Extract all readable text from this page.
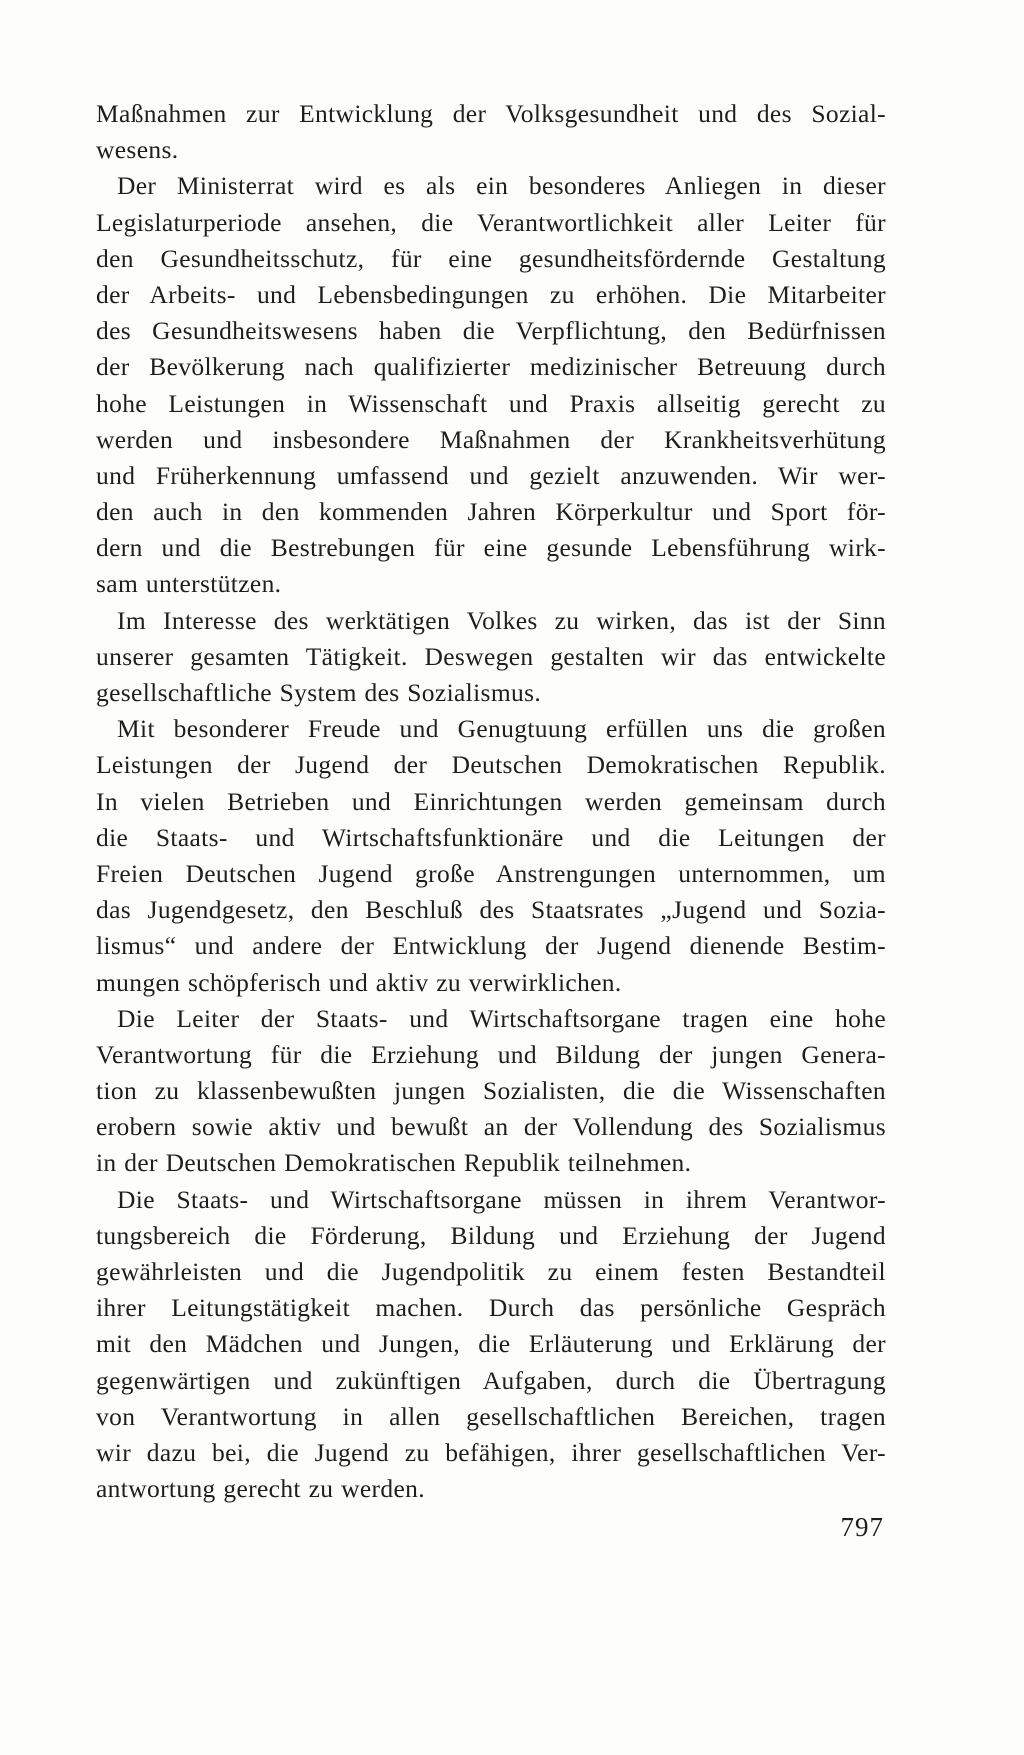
Maßnahmen zur Entwicklung der Volksgesundheit und des Sozial-
wesens.
Der Ministerrat wird es als ein besonderes Anliegen in dieser
Legislaturperiode ansehen, die Verantwortlichkeit aller Leiter für
den Gesundheitsschutz, für eine gesundheitsfördernde Gestaltung
der Arbeits- und Lebensbedingungen zu erhöhen. Die Mitarbeiter
des Gesundheitswesens haben die Verpflichtung, den Bedürfnissen
der Bevölkerung nach qualifizierter medizinischer Betreuung durch
hohe Leistungen in Wissenschaft und Praxis allseitig gerecht zu
werden und insbesondere Maßnahmen der Krankheitsverhütung
und Früherkennung umfassend und gezielt anzuwenden. Wir wer-
den auch in den kommenden Jahren Körperkultur und Sport för-
dern und die Bestrebungen für eine gesunde Lebensführung wirk-
sam unterstützen.
Im Interesse des werktätigen Volkes zu wirken, das ist der Sinn
unserer gesamten Tätigkeit. Deswegen gestalten wir das entwickelte
gesellschaftliche System des Sozialismus.
Mit besonderer Freude und Genugtuung erfüllen uns die großen
Leistungen der Jugend der Deutschen Demokratischen Republik.
In vielen Betrieben und Einrichtungen werden gemeinsam durch
die Staats- und Wirtschaftsfunktionäre und die Leitungen der
Freien Deutschen Jugend große Anstrengungen unternommen, um
das Jugendgesetz, den Beschluß des Staatsrates „Jugend und Sozia-
lismus“ und andere der Entwicklung der Jugend dienende Bestim-
mungen schöpferisch und aktiv zu verwirklichen.
Die Leiter der Staats- und Wirtschaftsorgane tragen eine hohe
Verantwortung für die Erziehung und Bildung der jungen Genera-
tion zu klassenbewußten jungen Sozialisten, die die Wissenschaften
erobern sowie aktiv und bewußt an der Vollendung des Sozialismus
in der Deutschen Demokratischen Republik teilnehmen.
Die Staats- und Wirtschaftsorgane müssen in ihrem Verantwor-
tungsbereich die Förderung, Bildung und Erziehung der Jugend
gewährleisten und die Jugendpolitik zu einem festen Bestandteil
ihrer Leitungstätigkeit machen. Durch das persönliche Gespräch
mit den Mädchen und Jungen, die Erläuterung und Erklärung der
gegenwärtigen und zukünftigen Aufgaben, durch die Übertragung
von Verantwortung in allen gesellschaftlichen Bereichen, tragen
wir dazu bei, die Jugend zu befähigen, ihrer gesellschaftlichen Ver-
antwortung gerecht zu werden.
797
